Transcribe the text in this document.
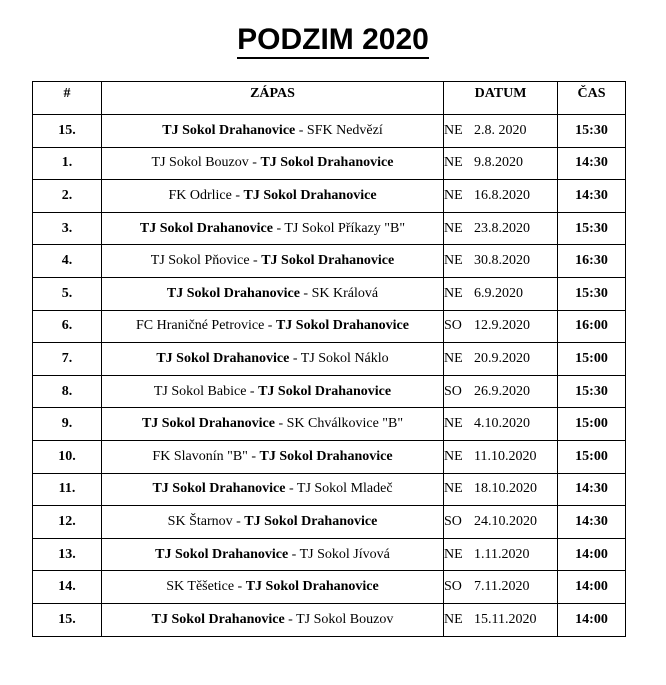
PODZIM 2020
#	ZÁPAS	DATUM	ČAS
15.	TJ Sokol Drahanovice - SFK Nedvězí	NE 2.8. 2020	15:30
1.	TJ Sokol Bouzov - TJ Sokol Drahanovice	NE 9.8.2020	14:30
2.	FK Odrlice - TJ Sokol Drahanovice	NE 16.8.2020	14:30
3.	TJ Sokol Drahanovice - TJ Sokol Příkazy "B"	NE 23.8.2020	15:30
4.	TJ Sokol Pňovice - TJ Sokol Drahanovice	NE 30.8.2020	16:30
5.	TJ Sokol Drahanovice - SK Králová	NE 6.9.2020	15:30
6.	FC Hraničné Petrovice - TJ Sokol Drahanovice	SO 12.9.2020	16:00
7.	TJ Sokol Drahanovice - TJ Sokol Náklo	NE 20.9.2020	15:00
8.	TJ Sokol Babice - TJ Sokol Drahanovice	SO 26.9.2020	15:30
9.	TJ Sokol Drahanovice - SK Chválkovice "B"	NE 4.10.2020	15:00
10.	FK Slavonín "B" - TJ Sokol Drahanovice	NE 11.10.2020	15:00
11.	TJ Sokol Drahanovice - TJ Sokol Mladeč	NE 18.10.2020	14:30
12.	SK Štarnov - TJ Sokol Drahanovice	SO 24.10.2020	14:30
13.	TJ Sokol Drahanovice - TJ Sokol Jívová	NE 1.11.2020	14:00
14.	SK Těšetice - TJ Sokol Drahanovice	SO 7.11.2020	14:00
15.	TJ Sokol Drahanovice - TJ Sokol Bouzov	NE 15.11.2020	14:00
